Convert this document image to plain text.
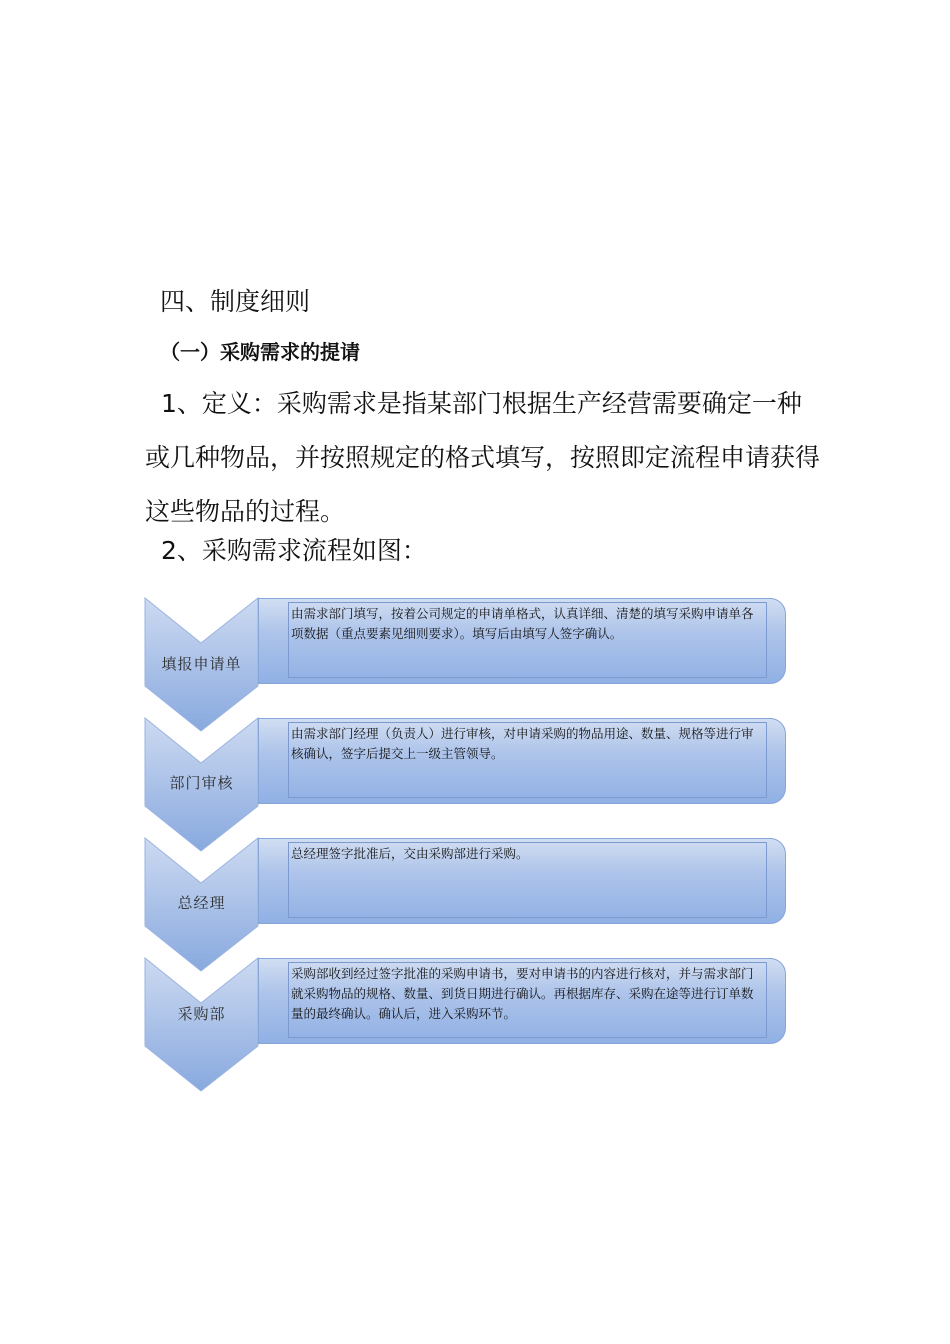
四、制度细则
（一）采购需求的提请

1、定义：采购需求是指某部门根据生产经营需要确定一种或几种物品，并按照规定的格式填写，按照即定流程申请获得这些物品的过程。

2、采购需求流程如图：
由需求部门填写，按着公司规定的申请单格式，认真详细、清楚的填写采购申请单各项数据（重点要素见细则要求）。填写后由填写人签字确认。
填报申请单
由需求部门经理（负责人）进行审核，对申请采购的物品用途、数量、规格等进行审核确认，签字后提交上一级主管领导。
部门审核
总经理签字批准后，交由采购部进行采购。
总经理
采购部收到经过签字批准的采购申请书，要对申请书的内容进行核对，并与需求部门就采购物品的规格、数量、到货日期进行确认。再根据库存、采购在途等进行订单数量的最终确认。确认后，进入采购环节。
采购部
